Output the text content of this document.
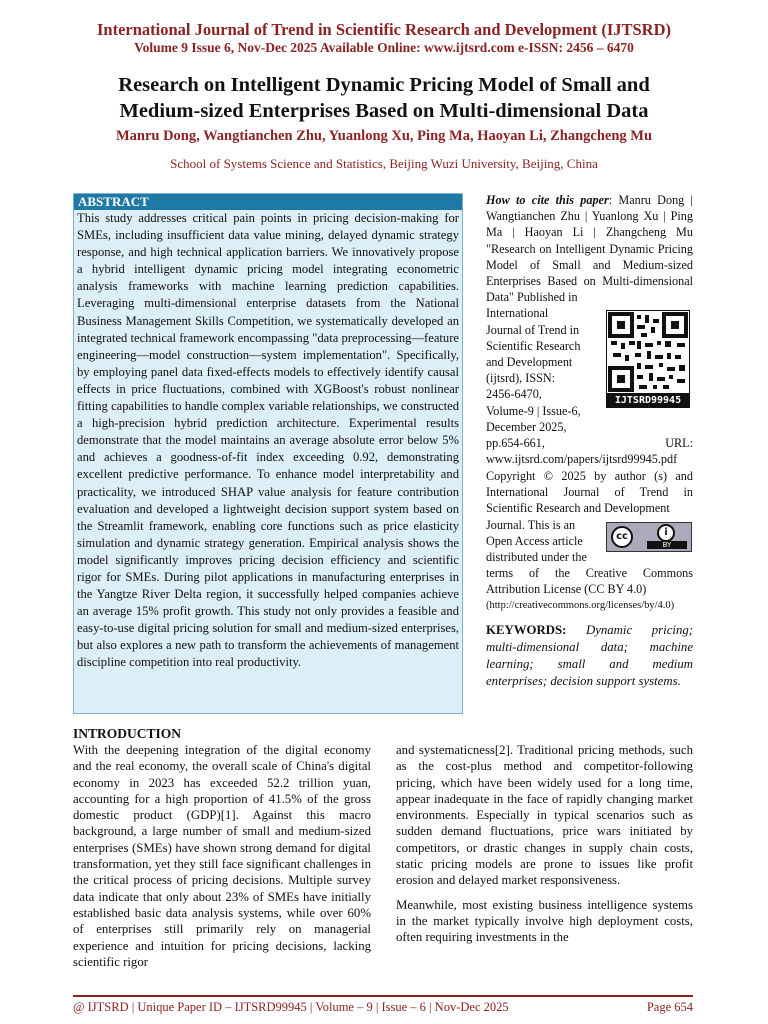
International Journal of Trend in Scientific Research and Development (IJTSRD)
Volume 9 Issue 6, Nov-Dec 2025 Available Online: www.ijtsrd.com e-ISSN: 2456 – 6470
Research on Intelligent Dynamic Pricing Model of Small and
Medium-sized Enterprises Based on Multi-dimensional Data
Manru Dong, Wangtianchen Zhu, Yuanlong Xu, Ping Ma, Haoyan Li, Zhangcheng Mu
School of Systems Science and Statistics, Beijing Wuzi University, Beijing, China
ABSTRACT
This study addresses critical pain points in pricing decision-making for SMEs, including insufficient data value mining, delayed dynamic strategy response, and high technical application barriers. We innovatively propose a hybrid intelligent dynamic pricing model integrating econometric analysis frameworks with machine learning prediction capabilities. Leveraging multi-dimensional enterprise datasets from the National Business Management Skills Competition, we systematically developed an integrated technical framework encompassing "data preprocessing—feature engineering—model construction—system implementation". Specifically, by employing panel data fixed-effects models to effectively identify causal effects in price fluctuations, combined with XGBoost's robust nonlinear fitting capabilities to handle complex variable relationships, we constructed a high-precision hybrid prediction architecture. Experimental results demonstrate that the model maintains an average absolute error below 5% and achieves a goodness-of-fit index exceeding 0.92, demonstrating excellent predictive performance. To enhance model interpretability and practicality, we introduced SHAP value analysis for feature contribution evaluation and developed a lightweight decision support system based on the Streamlit framework, enabling core functions such as price elasticity simulation and dynamic strategy generation. Empirical analysis shows the model significantly improves pricing decision efficiency and scientific rigor for SMEs. During pilot applications in manufacturing enterprises in the Yangtze River Delta region, it successfully helped companies achieve an average 15% profit growth. This study not only provides a feasible and easy-to-use digital pricing solution for small and medium-sized enterprises, but also explores a new path to transform the achievements of management discipline competition into real productivity.
How to cite this paper: Manru Dong | Wangtianchen Zhu | Yuanlong Xu | Ping Ma | Haoyan Li | Zhangcheng Mu "Research on Intelligent Dynamic Pricing Model of Small and Medium-sized Enterprises Based on Multi-dimensional Data" Published in
International
Journal of Trend in
Scientific Research
and Development
(ijtsrd), ISSN:
2456-6470,
Volume-9 | Issue-6,
December 2025,
pp.654-661,	URL:
www.ijtsrd.com/papers/ijtsrd99945.pdf
IJTSRD99945
Copyright © 2025 by author (s) and International Journal of Trend in Scientific Research and Development
Journal. This is an
Open Access article
distributed under the
terms of the Creative Commons Attribution License (CC BY 4.0)
(http://creativecommons.org/licenses/by/4.0)
cc	i
BY
KEYWORDS: Dynamic pricing; multi-dimensional data; machine learning; small and medium enterprises; decision support systems.
INTRODUCTION
With the deepening integration of the digital economy and the real economy, the overall scale of China's digital economy in 2023 has exceeded 52.2 trillion yuan, accounting for a high proportion of 41.5% of the gross domestic product (GDP)[1]. Against this macro background, a large number of small and medium-sized enterprises (SMEs) have shown strong demand for digital transformation, yet they still face significant challenges in the critical process of pricing decisions. Multiple survey data indicate that only about 23% of SMEs have initially established basic data analysis systems, while over 60% of enterprises still primarily rely on managerial experience and intuition for pricing decisions, lacking scientific rigor

and systematicness[2]. Traditional pricing methods, such as the cost-plus method and competitor-following pricing, which have been widely used for a long time, appear inadequate in the face of rapidly changing market environments. Especially in typical scenarios such as sudden demand fluctuations, price wars initiated by competitors, or drastic changes in supply chain costs, static pricing models are prone to issues like profit erosion and delayed market responsiveness.

Meanwhile, most existing business intelligence systems in the market typically involve high deployment costs, often requiring investments in the

@ IJTSRD | Unique Paper ID – IJTSRD99945 | Volume – 9 | Issue – 6 | Nov-Dec 2025	Page 654
